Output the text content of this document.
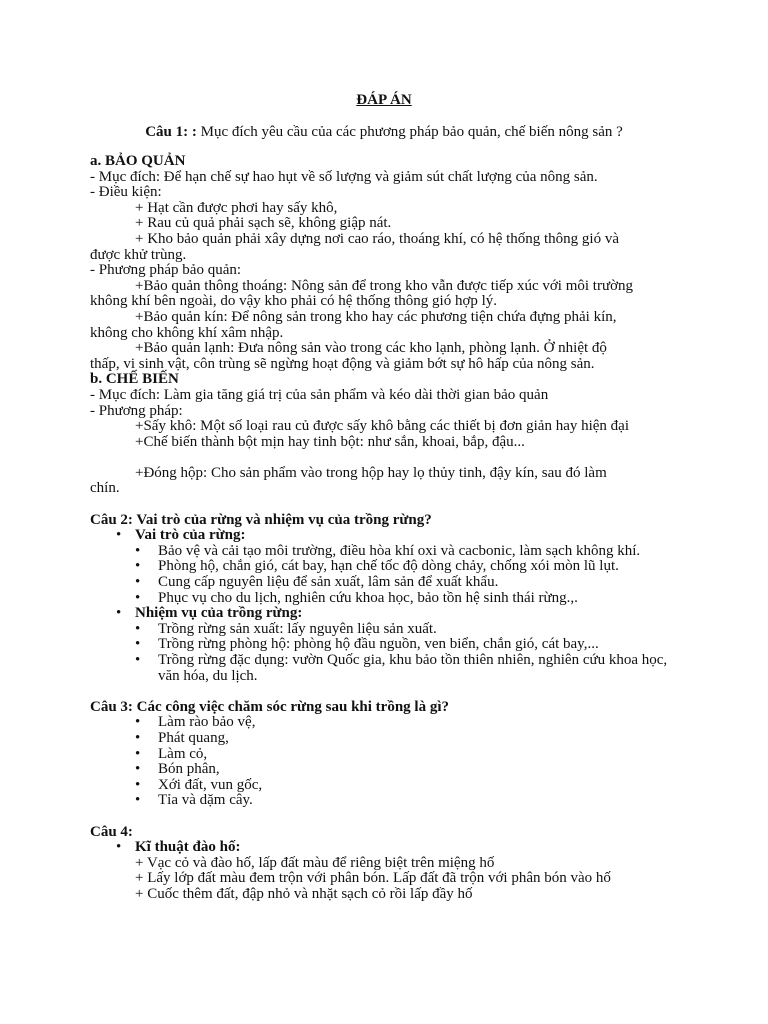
ĐÁP ÁN
Câu 1: : Mục đích yêu cầu của các phương pháp bảo quản, chế biến nông sản ?

a. BẢO QUẢN

- Mục đích: Để hạn chế sự hao hụt về số lượng và giảm sút chất lượng của nông sản.

- Điều kiện:

+ Hạt cần được phơi hay sấy khô,

+ Rau củ quả phải sạch sẽ, không giập nát.

+ Kho bảo quản phải xây dựng nơi cao ráo, thoáng khí, có hệ thống thông gió và

được khử trùng.

- Phương pháp bảo quản:

+Bảo quản thông thoáng: Nông sản để trong kho vẫn được tiếp xúc với môi trường

không khí bên ngoài, do vậy kho phải có hệ thống thông gió hợp lý.

+Bảo quản kín: Để nông sản trong kho hay các phương tiện chứa đựng phải kín,

không cho không khí xâm nhập.

+Bảo quản lạnh: Đưa nông sản vào trong các kho lạnh, phòng lạnh. Ở nhiệt độ

thấp, vi sinh vật, côn trùng sẽ ngừng hoạt động và giảm bớt sự hô hấp của nông sản.

b. CHẾ BIẾN

- Mục đích: Làm gia tăng giá trị của sản phẩm và kéo dài thời gian bảo quản

- Phương pháp:

+Sấy khô: Một số loại rau củ được sấy khô bằng các thiết bị đơn giản hay hiện đại

+Chế biến thành bột mịn hay tinh bột: như sắn, khoai, bắp, đậu...

+Đóng hộp: Cho sản phẩm vào trong hộp hay lọ thủy tinh, đậy kín, sau đó làm

chín.

Câu 2: Vai trò của rừng và nhiệm vụ của trồng rừng?

• Vai trò của rừng:
• Bảo vệ và cải tạo môi trường, điều hòa khí oxi và cacbonic, làm sạch không khí.
• Phòng hộ, chắn gió, cát bay, hạn chế tốc độ dòng chảy, chống xói mòn lũ lụt.
• Cung cấp nguyên liệu để sản xuất, lâm sản để xuất khẩu.
• Phục vụ cho du lịch, nghiên cứu khoa học, bảo tồn hệ sinh thái rừng.,.
• Nhiệm vụ của trồng rừng:
• Trồng rừng sản xuất: lấy nguyên liệu sản xuất.
• Trồng rừng phòng hộ: phòng hộ đầu nguồn, ven biển, chắn gió, cát bay,...
• Trồng rừng đặc dụng: vườn Quốc gia, khu bảo tồn thiên nhiên, nghiên cứu khoa học, văn hóa, du lịch.

Câu 3: Các công việc chăm sóc rừng sau khi trồng là gì?

• Làm rào bảo vệ,
• Phát quang,
• Làm cỏ,
• Bón phân,
• Xới đất, vun gốc,
• Tỉa và dặm cây.

Câu 4:

• Kĩ thuật đào hố:

+ Vạc cỏ và đào hố, lấp đất màu để riêng biệt trên miệng hố

+ Lấy lớp đất màu đem trộn với phân bón. Lấp đất đã trộn với phân bón vào hố

+ Cuốc thêm đất, đập nhỏ và nhặt sạch cỏ rồi lấp đầy hố
